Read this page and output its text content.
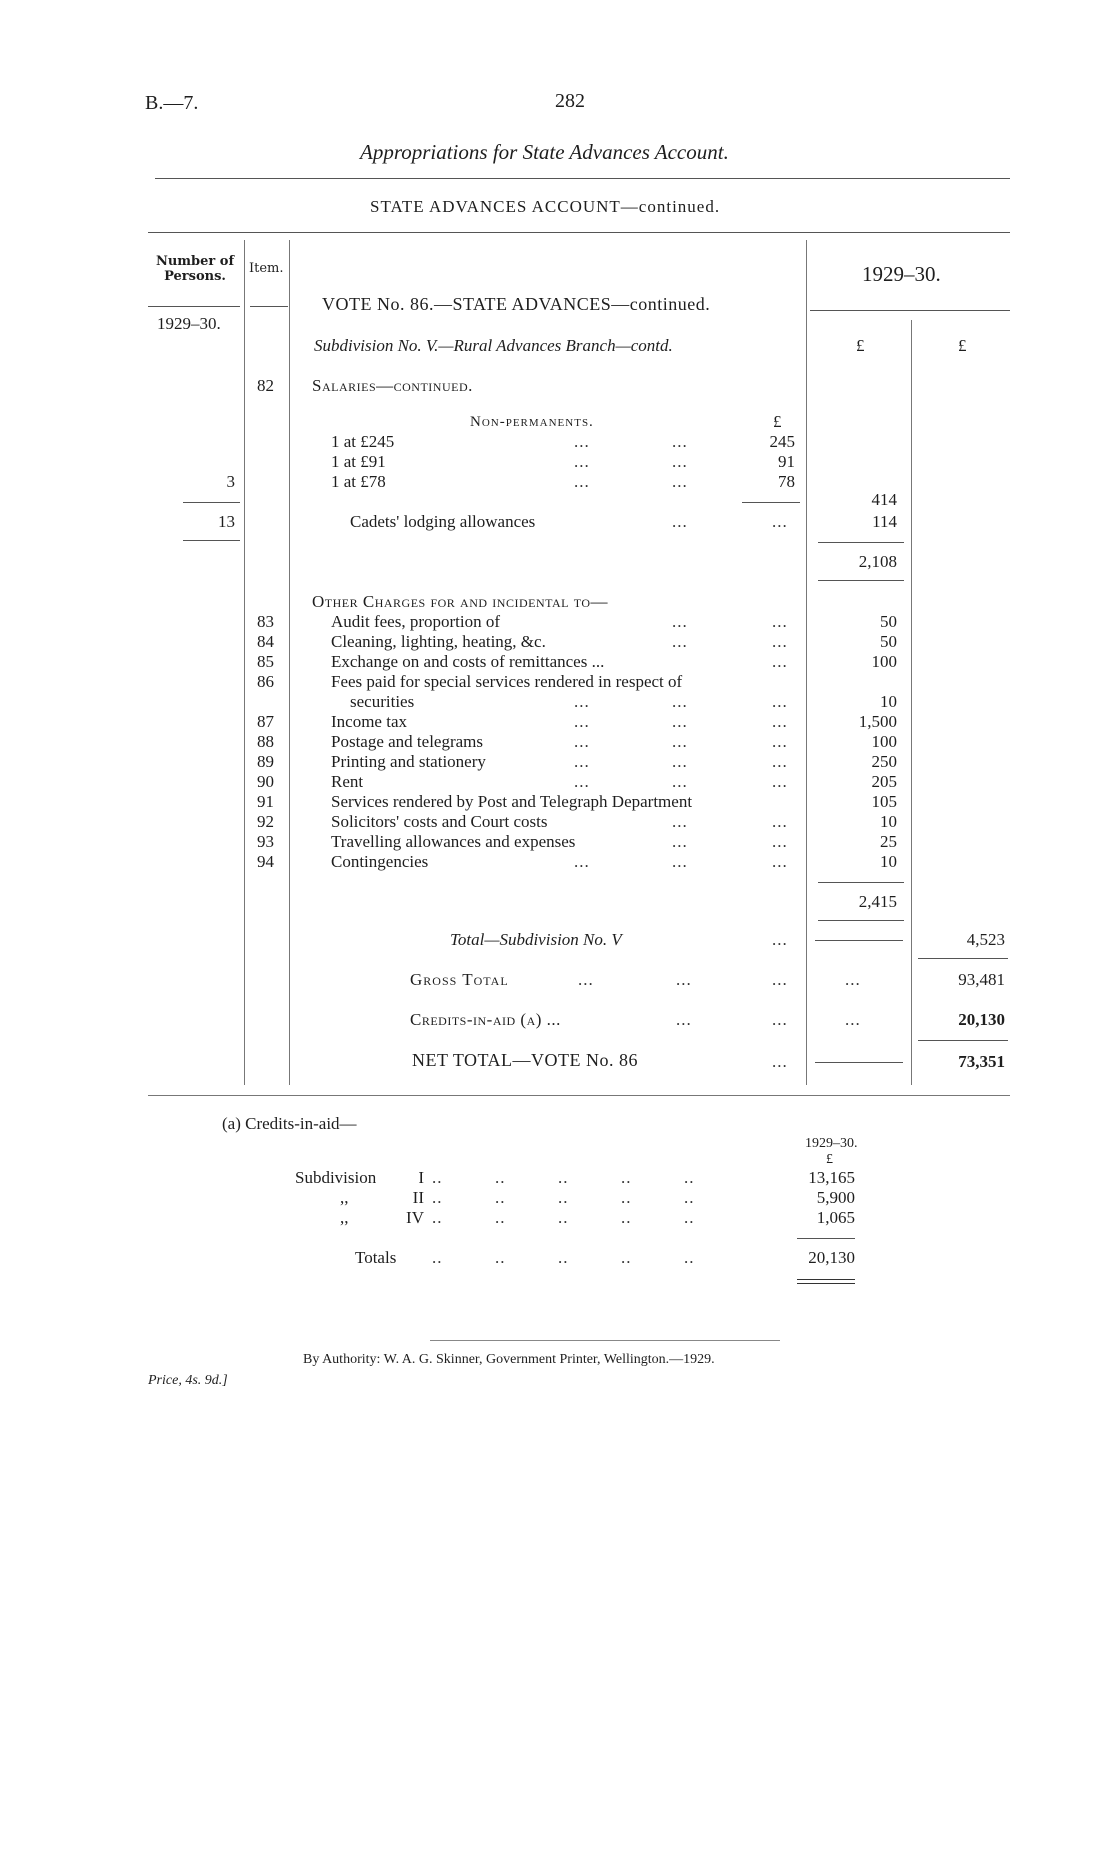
B.—7.	282
Appropriations for State Advances Account.
STATE ADVANCES ACCOUNT—continued.
Number of Persons.
Item.	1929–30.
1929–30.
VOTE No. 86.—STATE ADVANCES—continued.
Subdivision No. V.—Rural Advances Branch—contd.	£	£
82 Salaries—continued.
Non-permanents.	£
1 at £245	...	...	245
1 at £91	...	...	91
3	1 at £78	...	...	78
414
13	Cadets' lodging allowances	...	...	114
2,108
Other Charges for and incidental to—
83	Audit fees, proportion of	...	...	50
84	Cleaning, lighting, heating, &c.	...	...	50
85	Exchange on and costs of remittances ...	...	100
86	Fees paid for special services rendered in respect of
securities	...	...	...	10
87	Income tax	...	...	...	1,500
88	Postage and telegrams	...	...	...	100
89	Printing and stationery	...	...	...	250
90	Rent	...	...	...	205
91	Services rendered by Post and Telegraph Department	105
92	Solicitors' costs and Court costs	...	...	10
93	Travelling allowances and expenses	...	...	25
94	Contingencies	...	...	...	10
2,415
Total—Subdivision No. V	...	4,523
Gross Total	...	...	...	...	93,481
Credits-in-aid (a) ...	...	...	...	20,130
NET TOTAL—VOTE No. 86	...	73,351
(a) Credits-in-aid—
1929–30.
£
Subdivision	I ..          ..          ..          ..          ..	13,165
,,	II ..          ..          ..          ..          ..	5,900
,,	IV ..          ..          ..          ..          ..	1,065
Totals ..          ..          ..          ..          ..	20,130
By Authority: W. A. G. Skinner, Government Printer, Wellington.—1929.
Price, 4s. 9d.]
